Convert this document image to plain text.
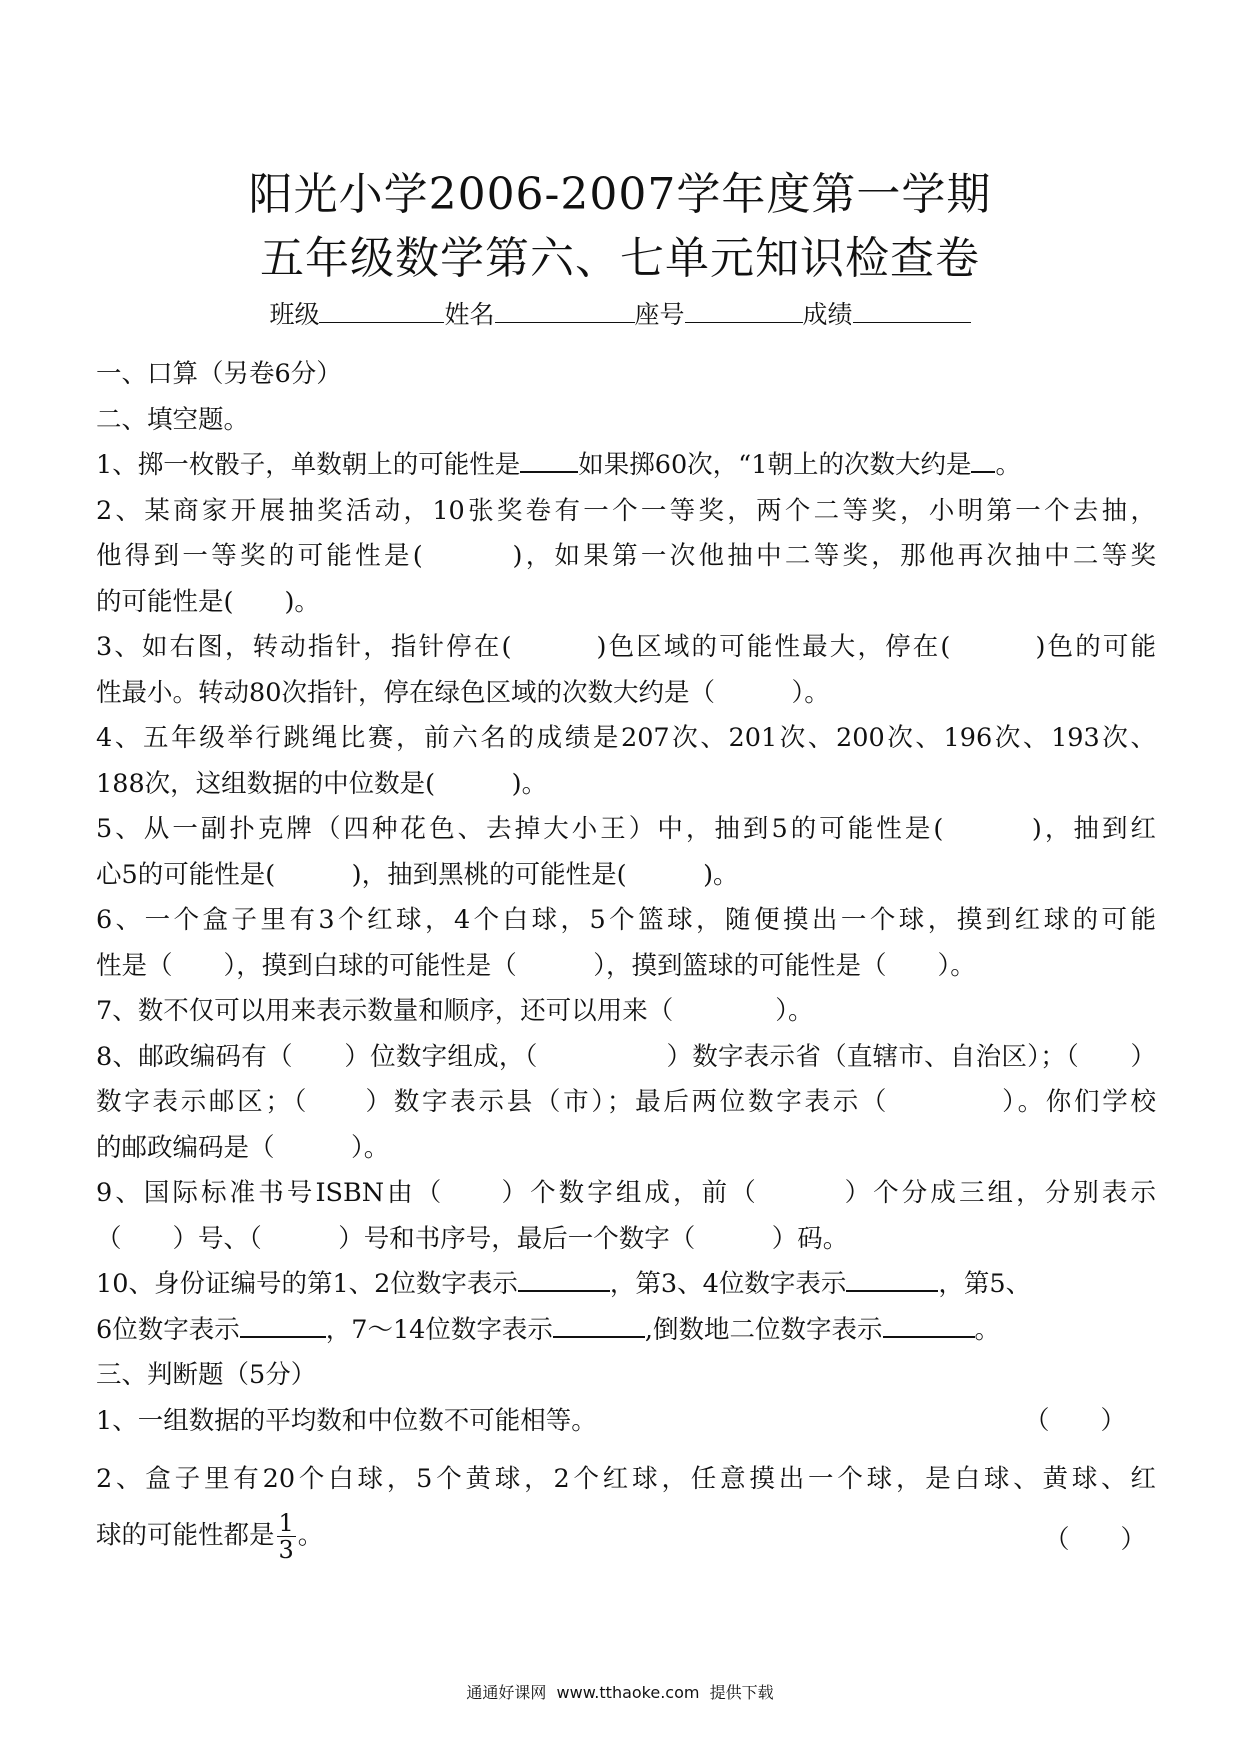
阳光小学2006-2007学年度第一学期
五年级数学第六、七单元知识检查卷
班级	姓名	座号	成绩
一、口算（另卷6分）
二、填空题。
1、掷一枚骰子，单数朝上的可能性是 如果掷60次，“1朝上的次数大约是 。
2、某商家开展抽奖活动，10张奖卷有一个一等奖，两个二等奖，小明第一个去抽，
他得到一等奖的可能性是(　　　)，如果第一次他抽中二等奖，那他再次抽中二等奖
的可能性是(　　)。
3、如右图，转动指针，指针停在(　　　)色区域的可能性最大，停在(　　　)色的可能
性最小。转动80次指针，停在绿色区域的次数大约是（　　　）。
4、五年级举行跳绳比赛，前六名的成绩是207次、201次、200次、196次、193次、
188次，这组数据的中位数是(　　　)。
5、从一副扑克牌（四种花色、去掉大小王）中，抽到5的可能性是(　　　)，抽到红
心5的可能性是(　　　)，抽到黑桃的可能性是(　　　)。
6、一个盒子里有3个红球，4个白球，5个篮球，随便摸出一个球，摸到红球的可能
性是（　　），摸到白球的可能性是（　　　），摸到篮球的可能性是（　　）。
7、数不仅可以用来表示数量和顺序，还可以用来（　　　　）。
8、邮政编码有（　　）位数字组成，（　　　　　）数字表示省（直辖市、自治区）；（　　）
数字表示邮区；（　　）数字表示县（市）；最后两位数字表示（　　　　）。你们学校
的邮政编码是（　　　）。
9、国际标准书号ISBN由（　　）个数字组成，前（　　　）个分成三组，分别表示
（　　）号、（　　　）号和书序号，最后一个数字（　　　）码。
10、身份证编号的第1、2位数字表示	，第3、4位数字表示	，第5、
6位数字表示	，7～14位数字表示	,倒数地二位数字表示	。
三、判断题（5分）
1、一组数据的平均数和中位数不可能相等。	（　　）
2、盒子里有20个白球，5个黄球，2个红球，任意摸出一个球，是白球、黄球、红
球的可能性都是 $\frac{1}{3}$ 。	（　　）
通通好课网  www.tthaoke.com  提供下载
